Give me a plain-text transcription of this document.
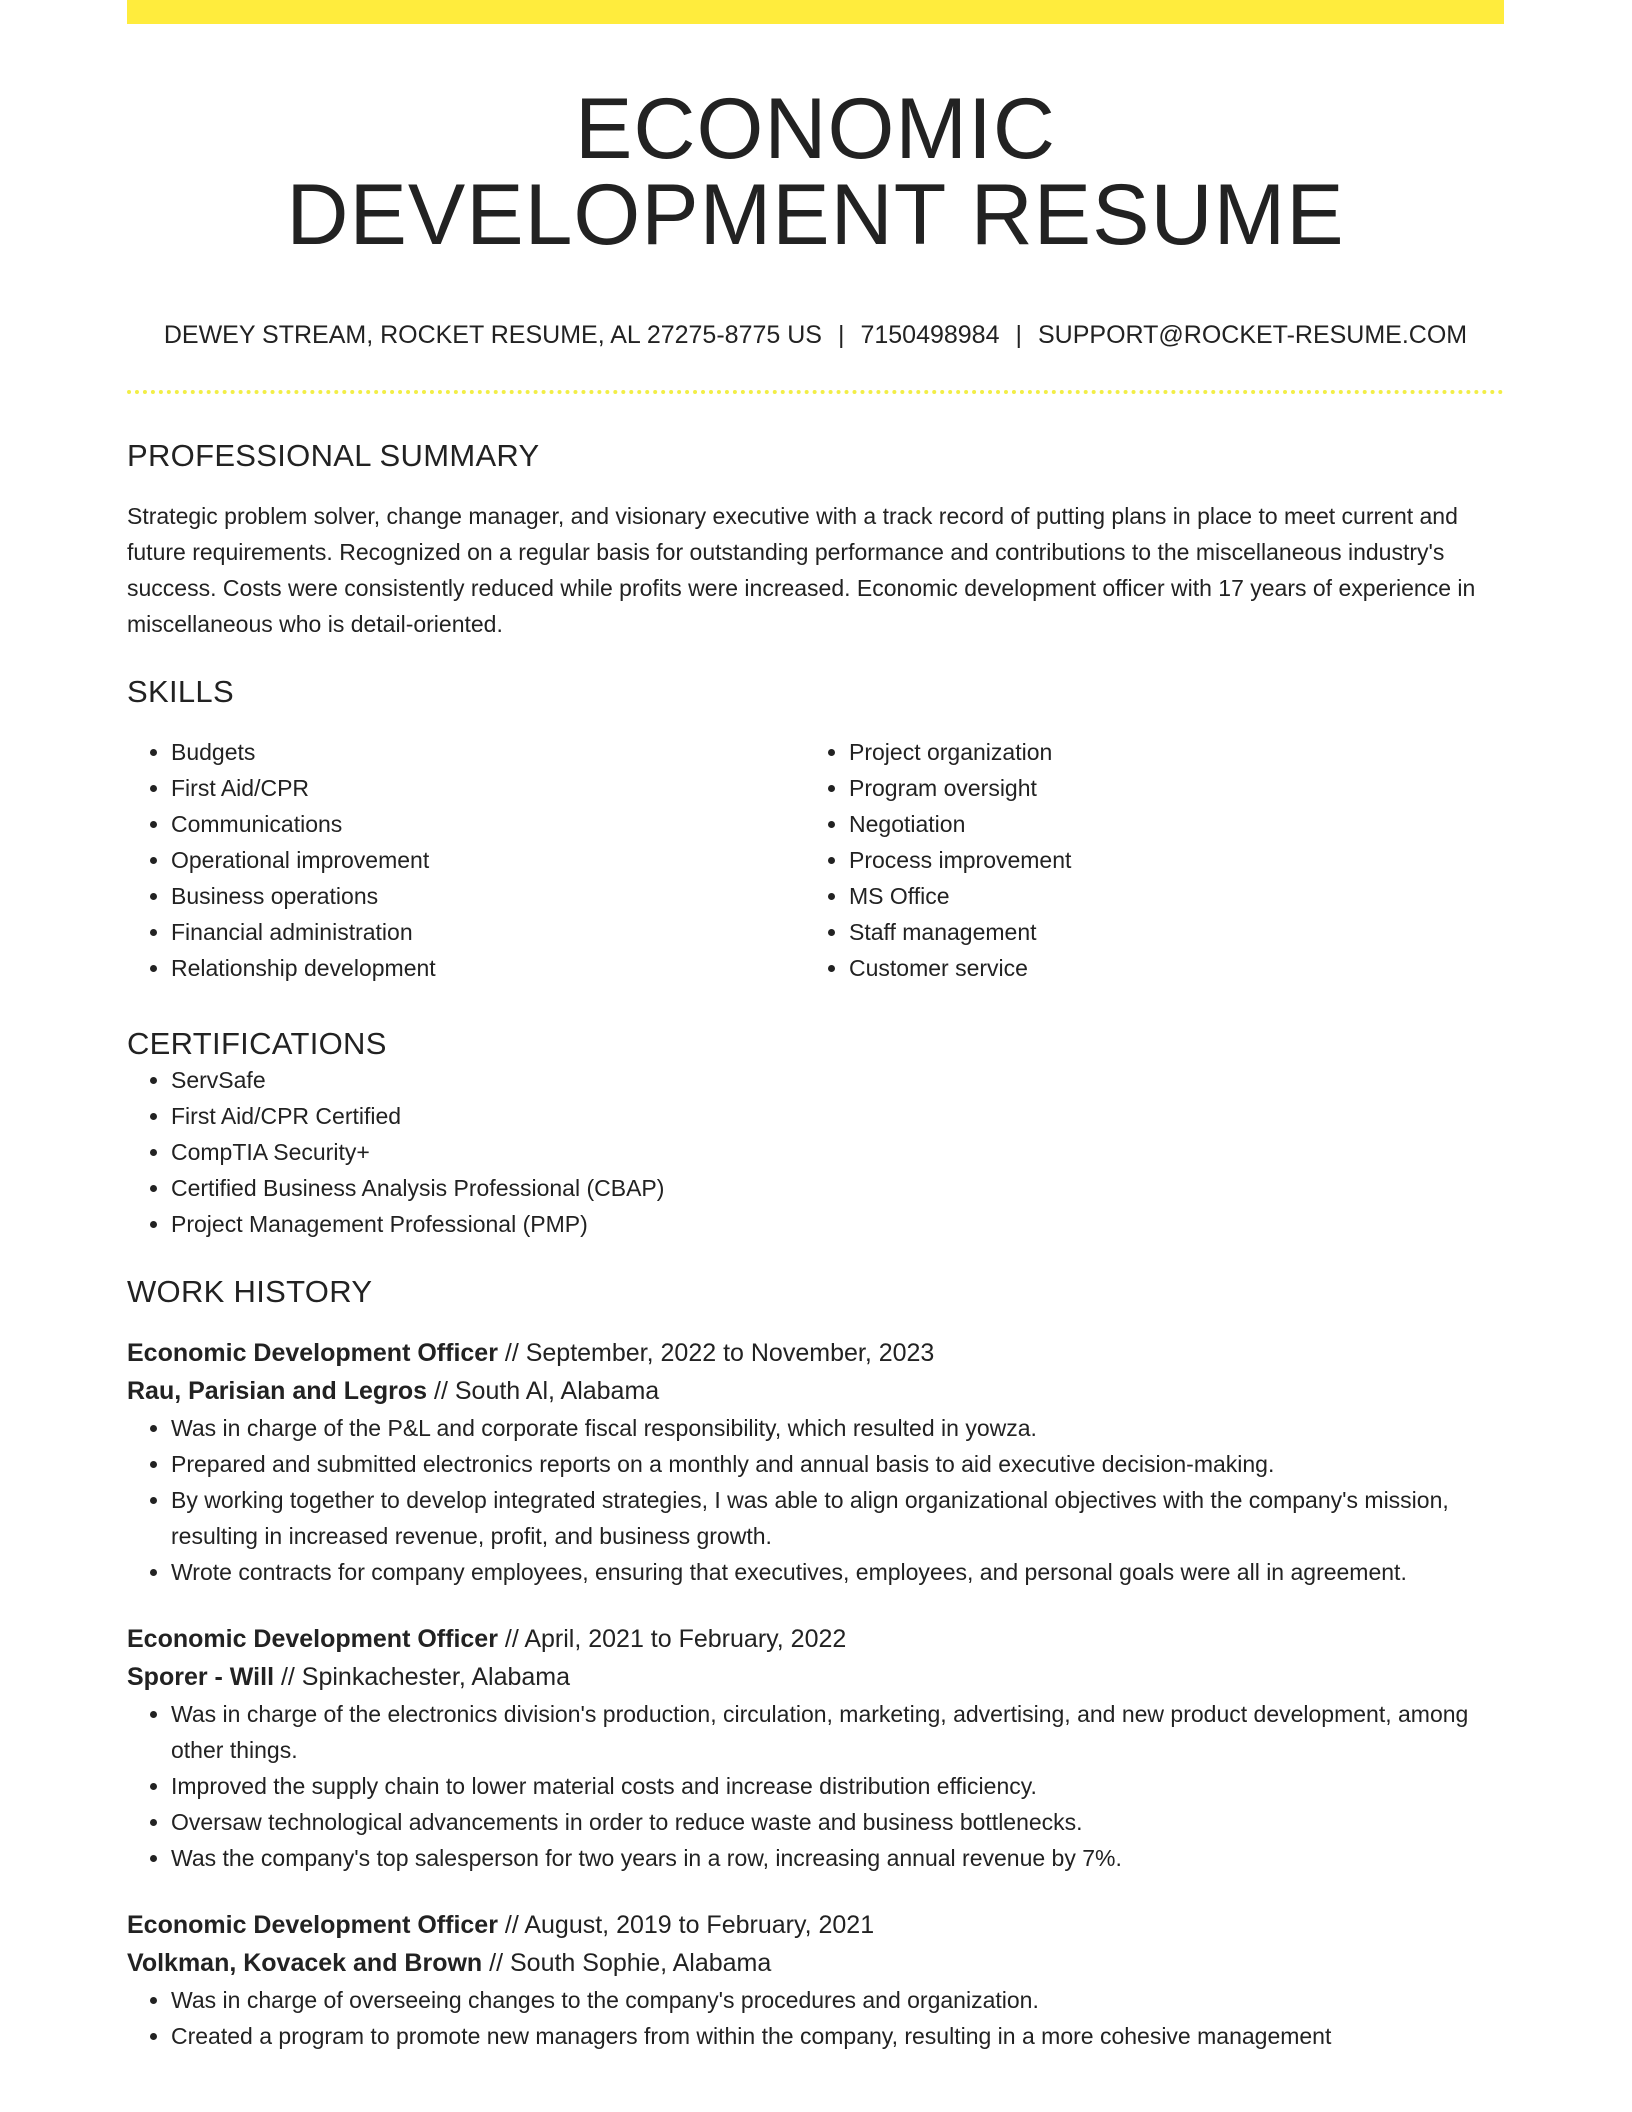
ECONOMIC
DEVELOPMENT RESUME
DEWEY STREAM, ROCKET RESUME, AL 27275-8775 US | 7150498984 | SUPPORT@ROCKET-RESUME.COM
PROFESSIONAL SUMMARY

Strategic problem solver, change manager, and visionary executive with a track record of putting plans in place to meet current and future requirements. Recognized on a regular basis for outstanding performance and contributions to the miscellaneous industry's success. Costs were consistently reduced while profits were increased. Economic development officer with 17 years of experience in miscellaneous who is detail-oriented.

SKILLS
• Budgets
• First Aid/CPR
• Communications
• Operational improvement
• Business operations
• Financial administration
• Relationship development
• Project organization
• Program oversight
• Negotiation
• Process improvement
• MS Office
• Staff management
• Customer service
CERTIFICATIONS
• ServSafe
• First Aid/CPR Certified
• CompTIA Security+
• Certified Business Analysis Professional (CBAP)
• Project Management Professional (PMP)
WORK HISTORY
Economic Development Officer // September, 2022 to November, 2023
Rau, Parisian and Legros // South Al, Alabama
• Was in charge of the P&L and corporate fiscal responsibility, which resulted in yowza.
• Prepared and submitted electronics reports on a monthly and annual basis to aid executive decision-making.
• By working together to develop integrated strategies, I was able to align organizational objectives with the company's mission, resulting in increased revenue, profit, and business growth.
• Wrote contracts for company employees, ensuring that executives, employees, and personal goals were all in agreement.
Economic Development Officer // April, 2021 to February, 2022
Sporer - Will // Spinkachester, Alabama
• Was in charge of the electronics division's production, circulation, marketing, advertising, and new product development, among other things.
• Improved the supply chain to lower material costs and increase distribution efficiency.
• Oversaw technological advancements in order to reduce waste and business bottlenecks.
• Was the company's top salesperson for two years in a row, increasing annual revenue by 7%.
Economic Development Officer // August, 2019 to February, 2021
Volkman, Kovacek and Brown // South Sophie, Alabama
• Was in charge of overseeing changes to the company's procedures and organization.
• Created a program to promote new managers from within the company, resulting in a more cohesive management
